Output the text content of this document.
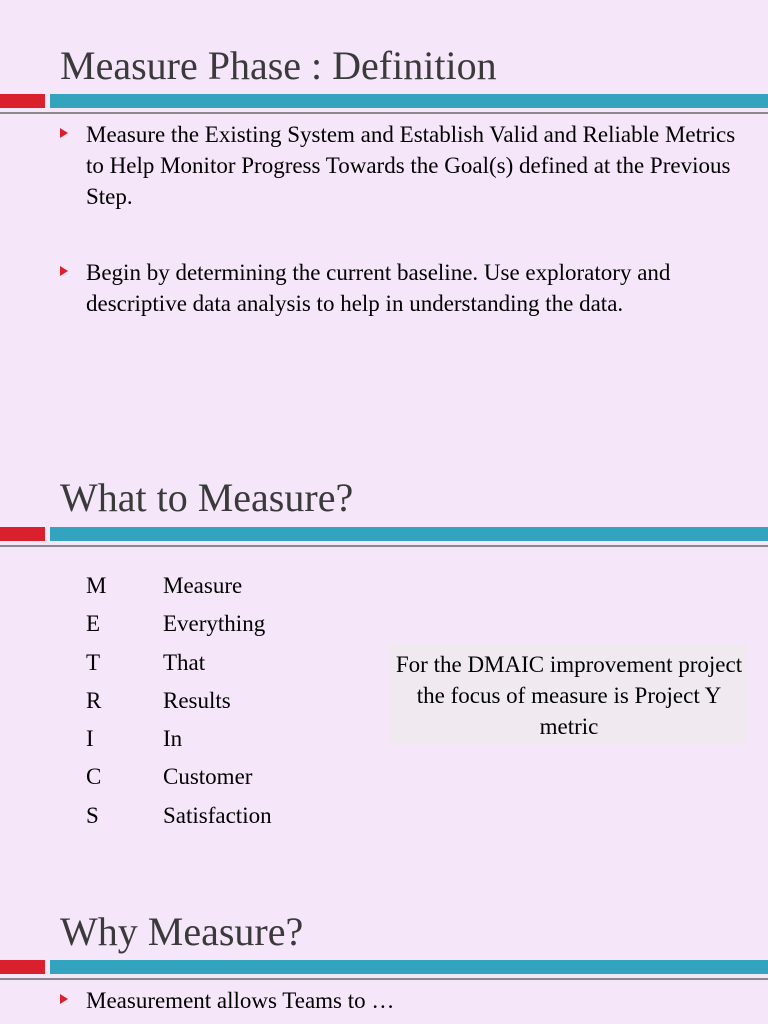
Measure Phase : Definition
Measure the Existing System and Establish Valid and Reliable Metrics to Help Monitor Progress Towards the Goal(s) defined at the Previous Step.
Begin by determining the current baseline. Use exploratory and descriptive data analysis to help in understanding the data.
What to Measure?
M Measure
E	Everything
T	That
R	Results
I	In
C	Customer
S	Satisfaction
For the DMAIC improvement project the focus of measure is Project Y metric
Why Measure?
Measurement allows Teams to …
